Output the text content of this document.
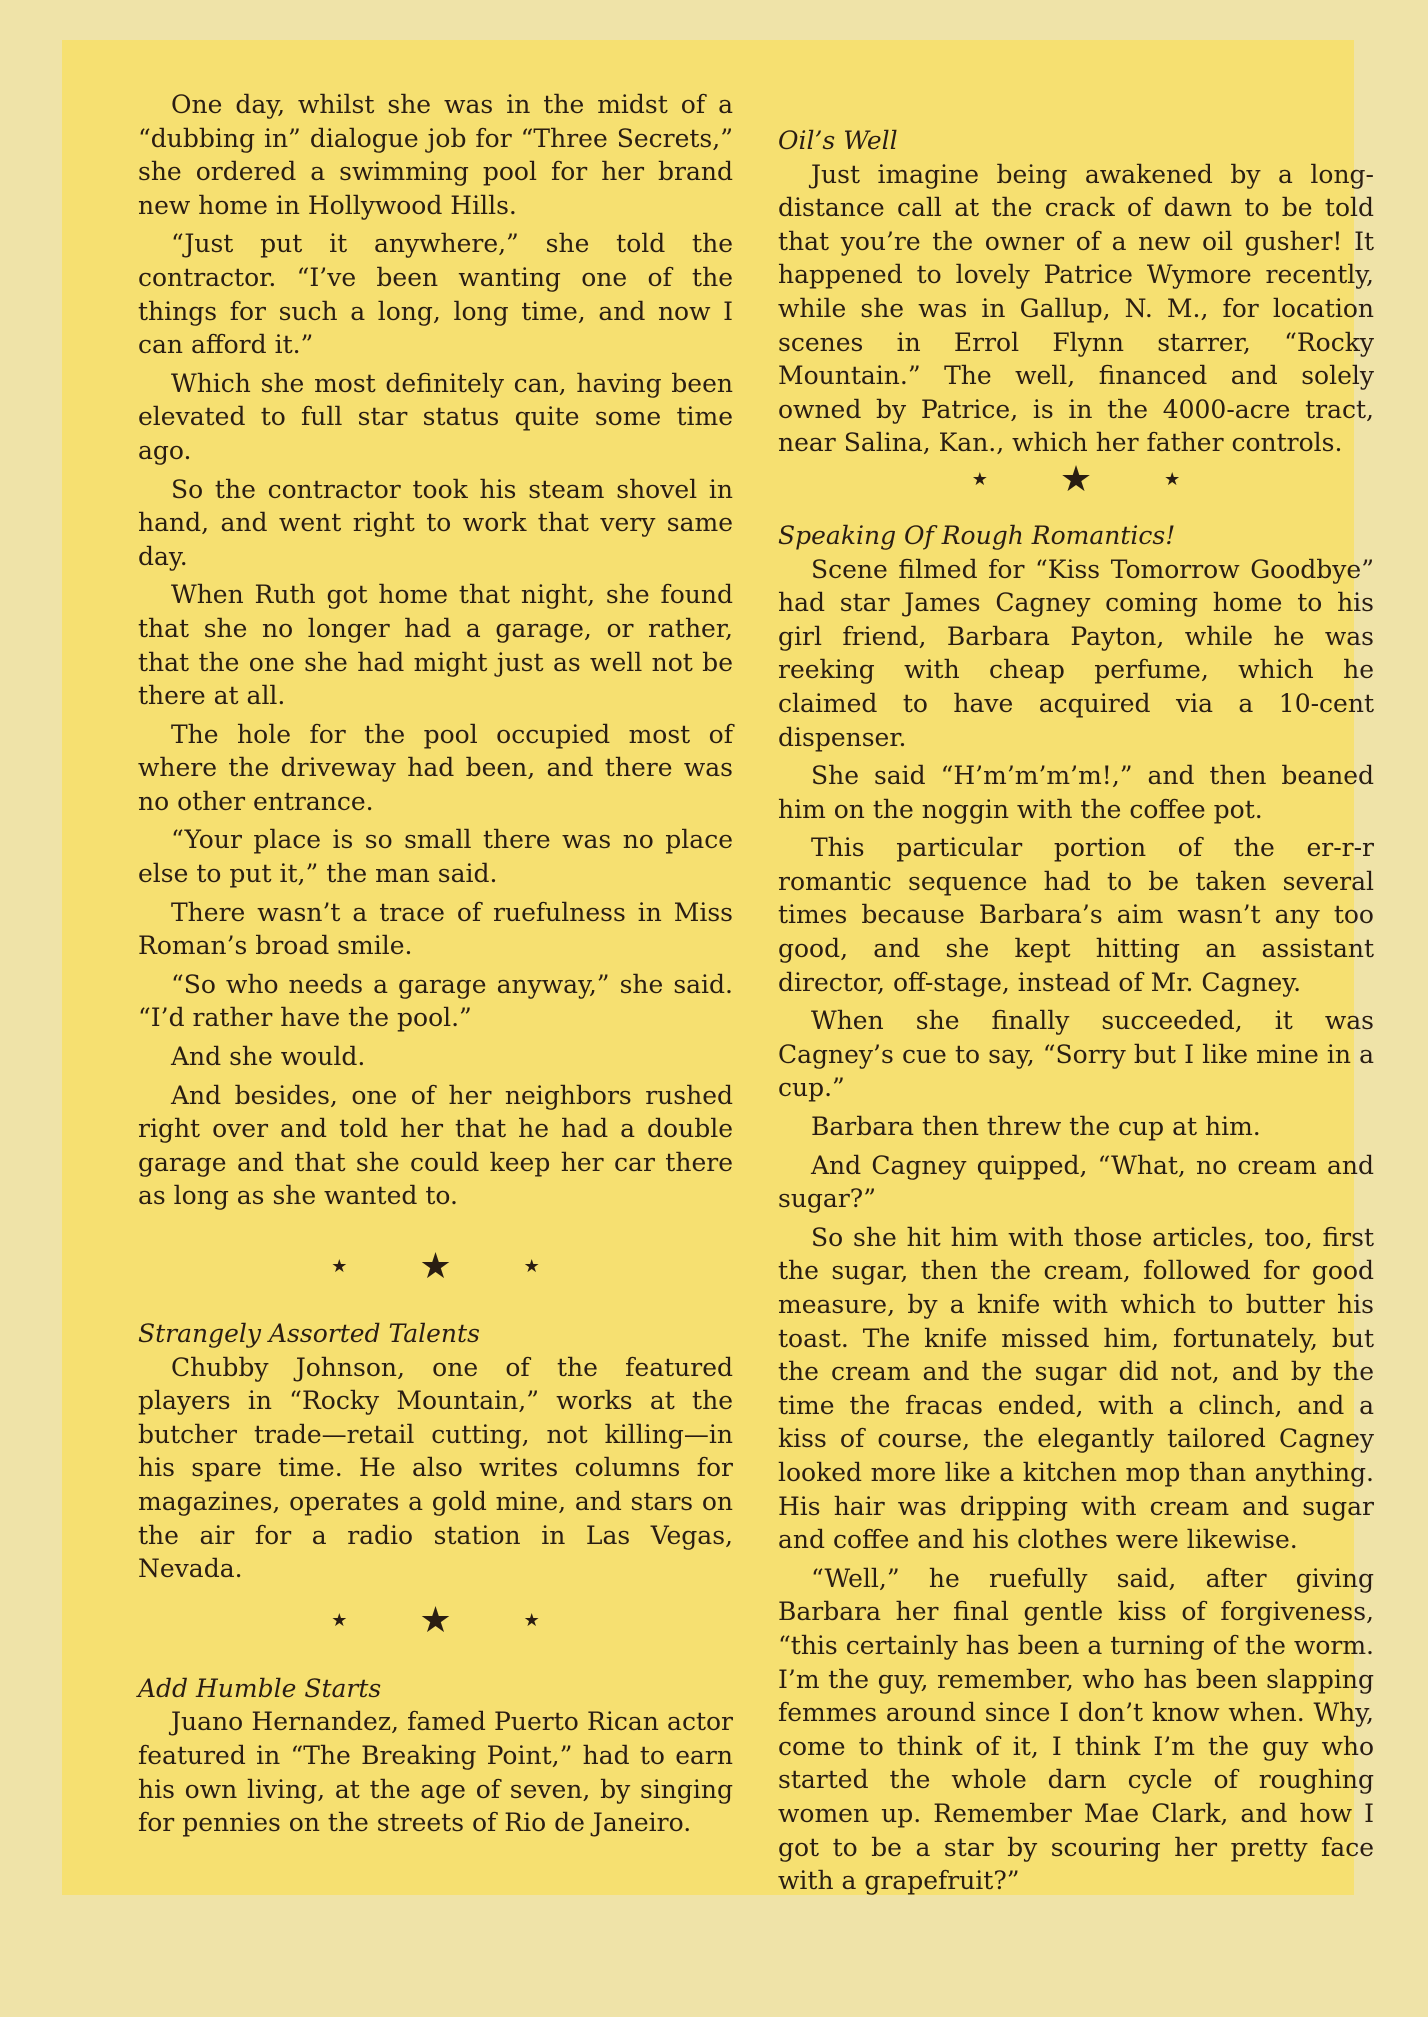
One day, whilst she was in the midst of a “dubbing in” dialogue job for “Three Secrets,” she ordered a swimming pool for her brand new home in Hollywood Hills.

“Just put it anywhere,” she told the contractor. “I’ve been wanting one of the things for such a long, long time, and now I can afford it.”

Which she most definitely can, having been elevated to full star status quite some time ago.

So the contractor took his steam shovel in hand, and went right to work that very same day.

When Ruth got home that night, she found that she no longer had a garage, or rather, that the one she had might just as well not be there at all.

The hole for the pool occupied most of where the driveway had been, and there was no other entrance.

“Your place is so small there was no place else to put it,” the man said.

There wasn’t a trace of ruefulness in Miss Roman’s broad smile.

“So who needs a garage anyway,” she said. “I’d rather have the pool.”

And she would.

And besides, one of her neighbors rushed right over and told her that he had a double garage and that she could keep her car there as long as she wanted to.

★ ★	★
Strangely Assorted Talents

Chubby Johnson, one of the featured players in “Rocky Mountain,” works at the butcher trade—retail cutting, not killing—in his spare time. He also writes columns for magazines, operates a gold mine, and stars on the air for a radio station in Las Vegas, Nevada.

★ ★	★
Add Humble Starts

Juano Hernandez, famed Puerto Rican actor featured in “The Breaking Point,” had to earn his own living, at the age of seven, by singing for pennies on the streets of Rio de Janeiro.

Oil’s Well

Just imagine being awakened by a long-distance call at the crack of dawn to be told that you’re the owner of a new oil gusher! It happened to lovely Patrice Wymore recently, while she was in Gallup, N. M., for location scenes in Errol Flynn starrer, “Rocky Mountain.” The well, financed and solely owned by Patrice, is in the 4000-acre tract, near Salina, Kan., which her father controls.

★ ★	★
Speaking Of Rough Romantics!

Scene filmed for “Kiss Tomorrow Goodbye” had star James Cagney coming home to his girl friend, Barbara Payton, while he was reeking with cheap perfume, which he claimed to have acquired via a 10-cent dispenser.

She said “H’m’m’m’m!,” and then beaned him on the noggin with the coffee pot.

This particular portion of the er-r-r romantic sequence had to be taken several times because Barbara’s aim wasn’t any too good, and she kept hitting an assistant director, off-stage, instead of Mr. Cagney.

When she finally succeeded, it was Cagney’s cue to say, “Sorry but I like mine in a cup.”

Barbara then threw the cup at him.

And Cagney quipped, “What, no cream and sugar?”

So she hit him with those articles, too, first the sugar, then the cream, followed for good measure, by a knife with which to butter his toast. The knife missed him, fortunately, but the cream and the sugar did not, and by the time the fracas ended, with a clinch, and a kiss of course, the elegantly tailored Cagney looked more like a kitchen mop than anything. His hair was dripping with cream and sugar and coffee and his clothes were likewise.

“Well,” he ruefully said, after giving Barbara her final gentle kiss of forgiveness, “this certainly has been a turning of the worm. I’m the guy, remember, who has been slapping femmes around since I don’t know when. Why, come to think of it, I think I’m the guy who started the whole darn cycle of roughing women up. Remember Mae Clark, and how I got to be a star by scouring her pretty face with a grapefruit?”
